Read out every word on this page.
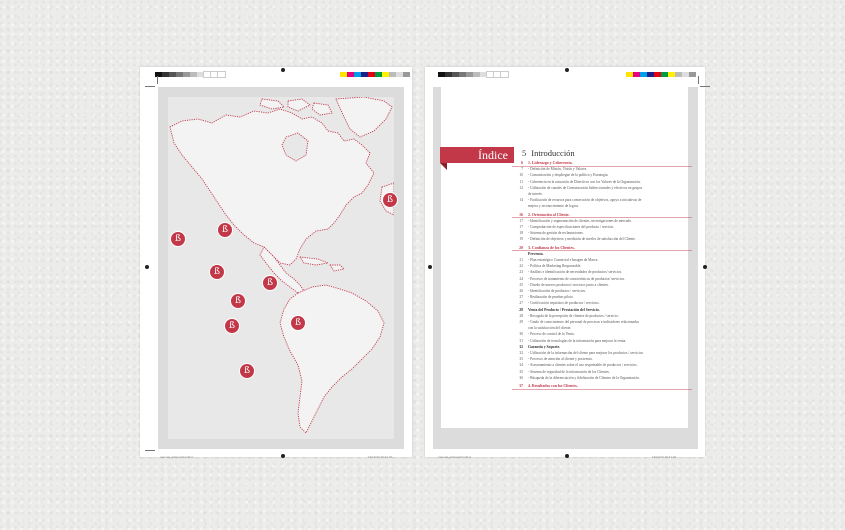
ß
ß
ß
ß
ß
ß
ß
ß
ß
manual_adamsoft.indd 3	13/12/13 15:41:32
Índice 5 Introducción
6 1. Liderazgo y Coherencia.
7 - Definición de Misión, Visión y Valores.
10 - Comunicación y despliegue de la política y Estrategia.
11 - Coherencia en la actuación de Directivos con los Valores de la Organización.
12 - Utilización de canales de Comunicación bidireccionales y efectivos en grupos
de interés.
14 - Facilitación de recursos para consecución de objetivos, apoyo a iniciativas de
mejora y reconocimiento de logros.
16 2. Orientación al Cliente.
17 - Identificación y segmentación de clientes, investigaciones de mercado.
17 - Comprobación de especificaciones del producto / servicio.
18 - Sistema de gestión de reclamaciones.
19 - Definición de objetivos y medición de niveles de satisfacción del Cliente.
20 3. Confianza de los Clientes.
Preventa.
21 - Plan estratégico Comercial e Imagen de Marca.
22 - Política de Marketing Responsable.
23 - Análisis e identificación de necesidades de productos/ servicios.
24 - Procesos de tratamiento de características de productos/ servicios.
25 - Diseño de nuevos productos/ servicios junto a clientes.
26 - Identificación de productos / servicios.
27 - Realización de pruebas piloto.
27 - Certificación requisitos de productos / servicios.
28 Venta del Producto / Prestación del Servicio.
28 - Recogida de la percepción de clientes de productos / servicio.
29 - Grado de conocimiento del personal de procesos e indicadores relacionados
con la satisfacción del cliente.
30 - Proceso de control de la Venta.
31 - Utilización de tecnologías de la información para mejorar la venta.
32 Garantía y Soporte.
32 - Utilización de la información del cliente para mejorar los productos / servicios.
33 - Procesos de atención al cliente y postventa.
34 - Asesoramiento a clientes sobre el uso responsable de productos / servicios.
35 - Sistema de seguridad de la información de los Clientes.
36 - Búsqueda de la diferenciación y fidelización de Clientes de la Organización.
37 4. Resultados con los Clientes.
manual_adamsoft.indd 4	13/12/13 15:41:32
